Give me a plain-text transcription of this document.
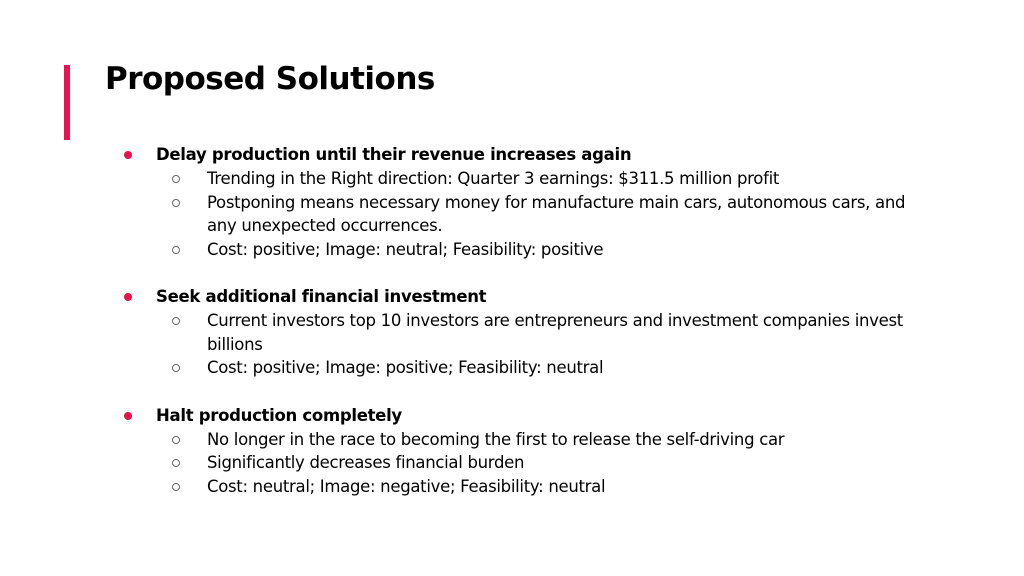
Proposed Solutions
Delay production until their revenue increases again
Trending in the Right direction: Quarter 3 earnings: $311.5 million profit
Postponing means necessary money for manufacture main cars, autonomous cars, and any unexpected occurrences.
Cost: positive; Image: neutral; Feasibility: positive
Seek additional financial investment
Current investors top 10 investors are entrepreneurs and investment companies invest billions
Cost: positive; Image: positive; Feasibility: neutral
Halt production completely
No longer in the race to becoming the first to release the self-driving car
Significantly decreases financial burden
Cost: neutral; Image: negative; Feasibility: neutral
